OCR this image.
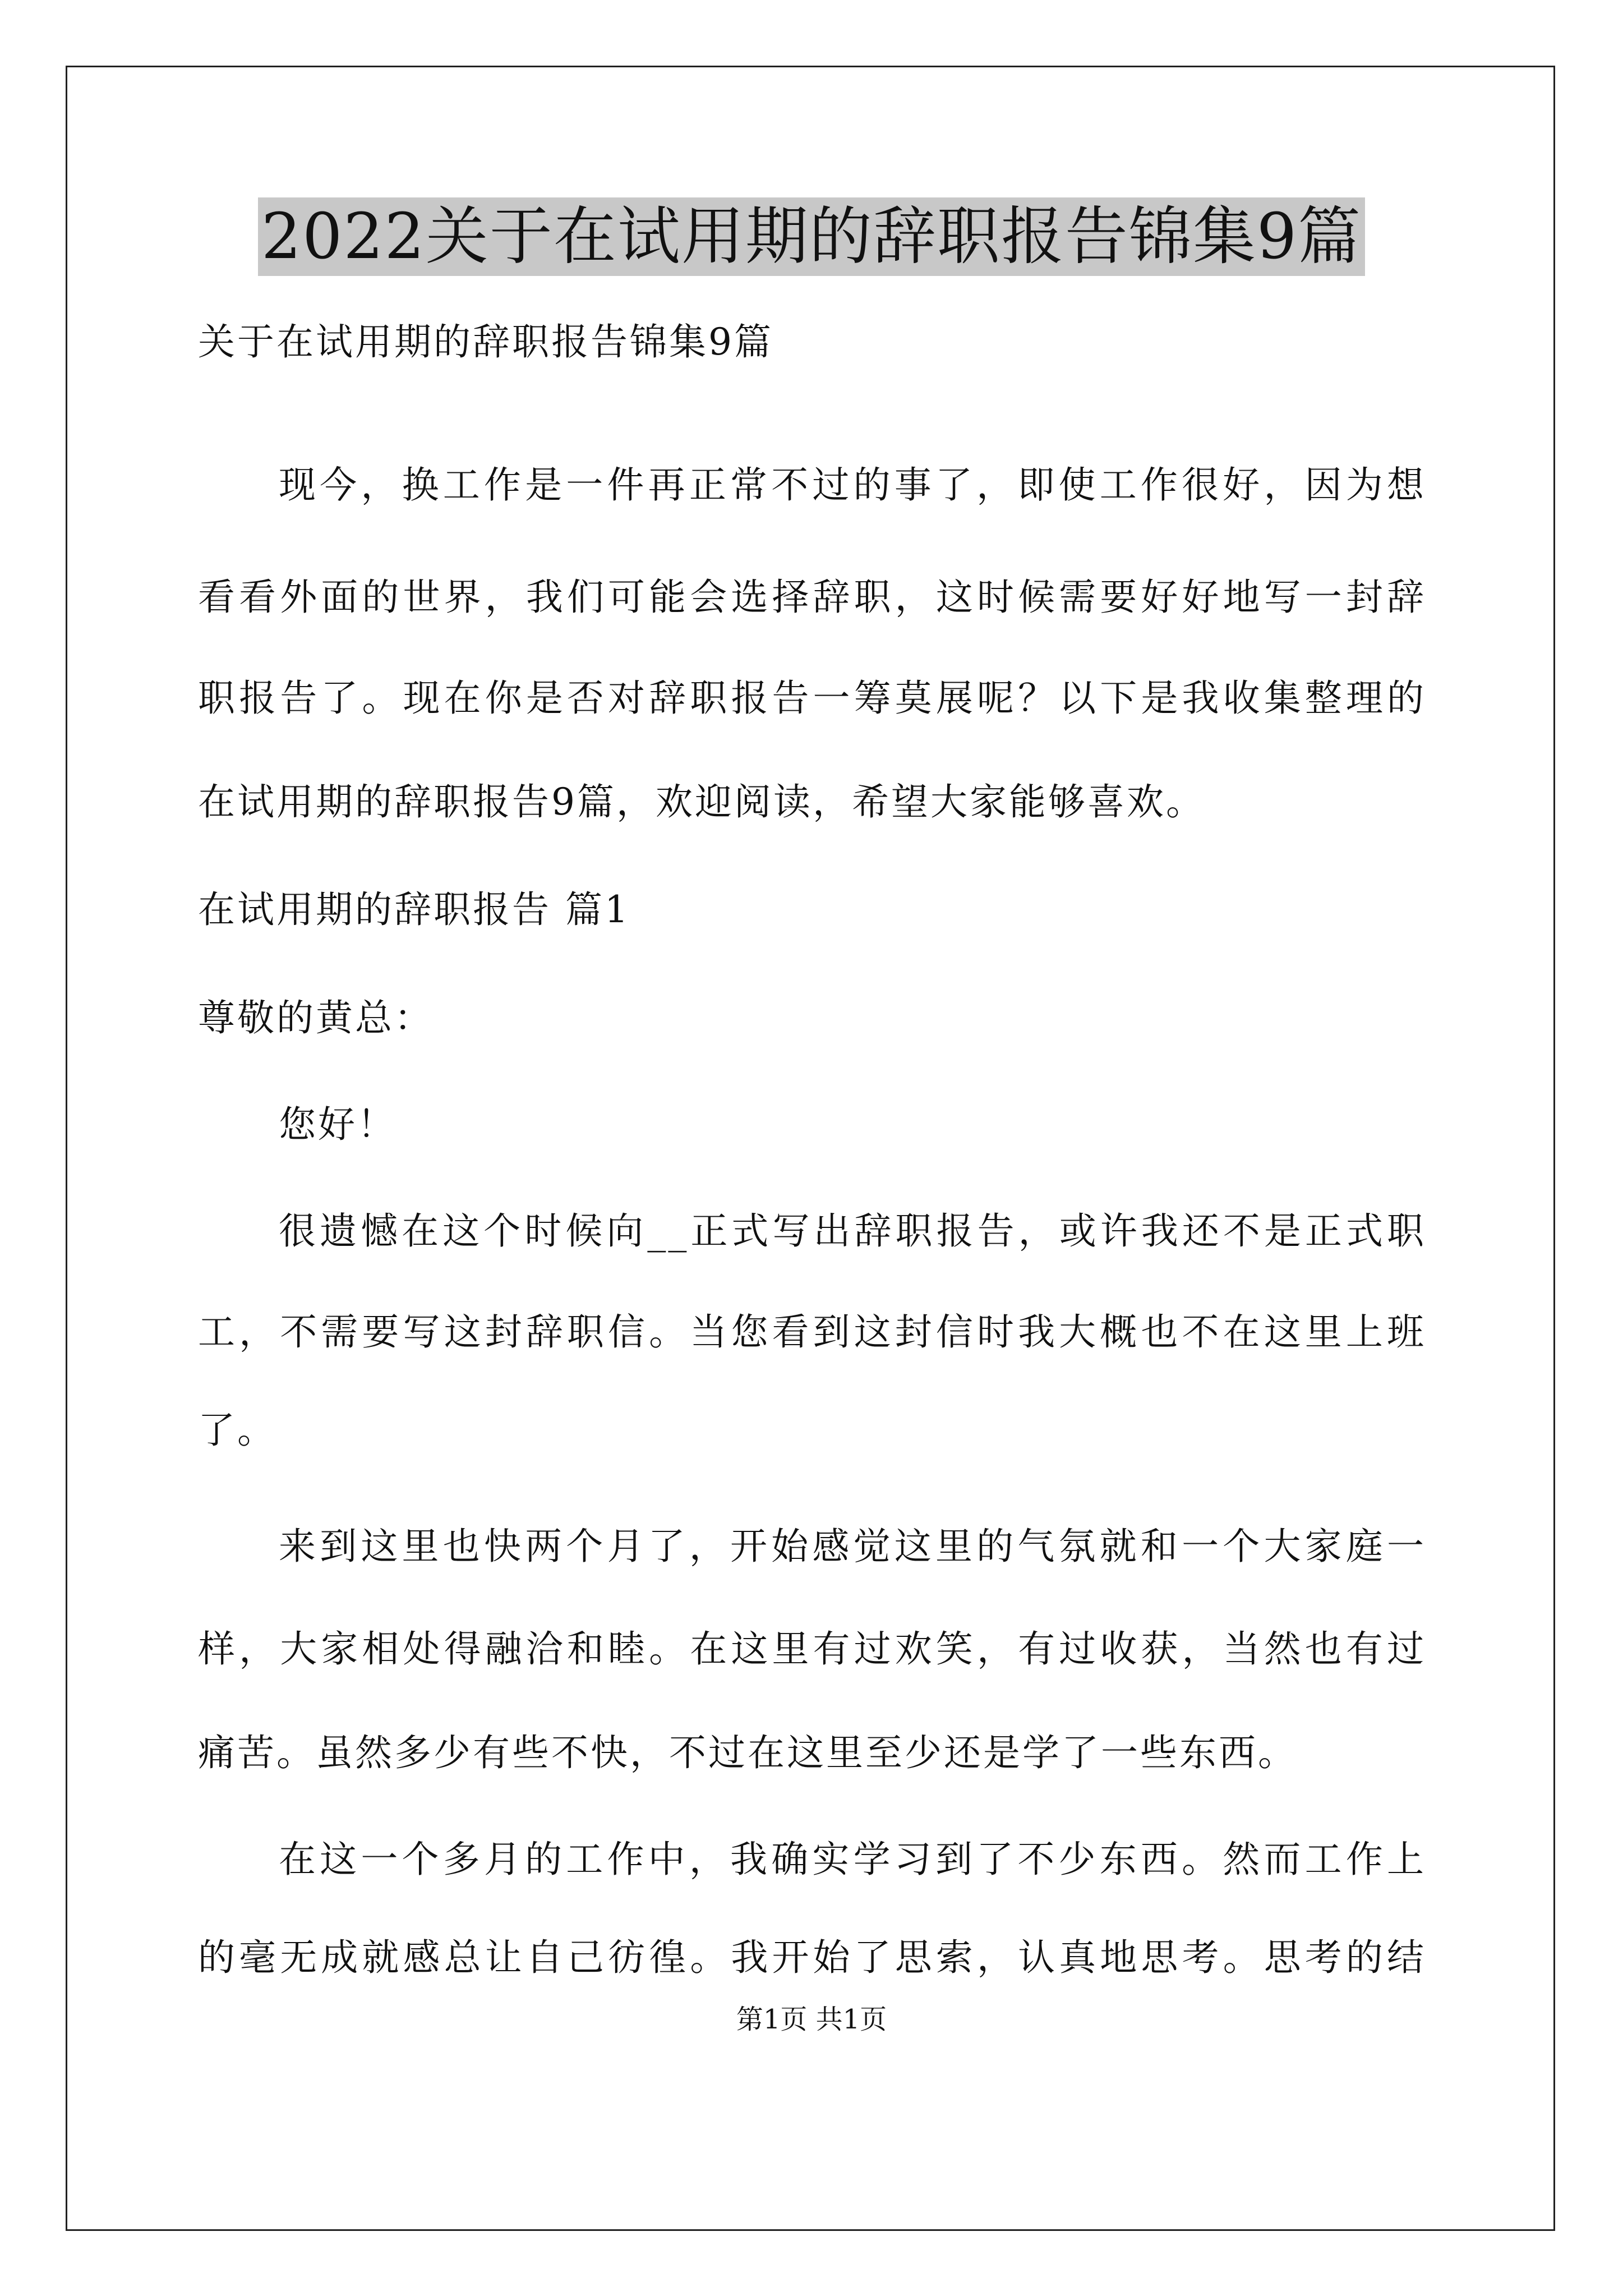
2022关于在试用期的辞职报告锦集9篇
关于在试用期的辞职报告锦集9篇
现今，换工作是一件再正常不过的事了，即使工作很好，因为想
看看外面的世界，我们可能会选择辞职，这时候需要好好地写一封辞
职报告了。现在你是否对辞职报告一筹莫展呢？以下是我收集整理的
在试用期的辞职报告9篇，欢迎阅读，希望大家能够喜欢。
在试用期的辞职报告 篇1
尊敬的黄总：
您好！
很遗憾在这个时候向__正式写出辞职报告，或许我还不是正式职
工，不需要写这封辞职信。当您看到这封信时我大概也不在这里上班
了。
来到这里也快两个月了，开始感觉这里的气氛就和一个大家庭一
样，大家相处得融洽和睦。在这里有过欢笑，有过收获，当然也有过
痛苦。虽然多少有些不快，不过在这里至少还是学了一些东西。
在这一个多月的工作中，我确实学习到了不少东西。然而工作上
的毫无成就感总让自己彷徨。我开始了思索，认真地思考。思考的结
第1页 共1页
